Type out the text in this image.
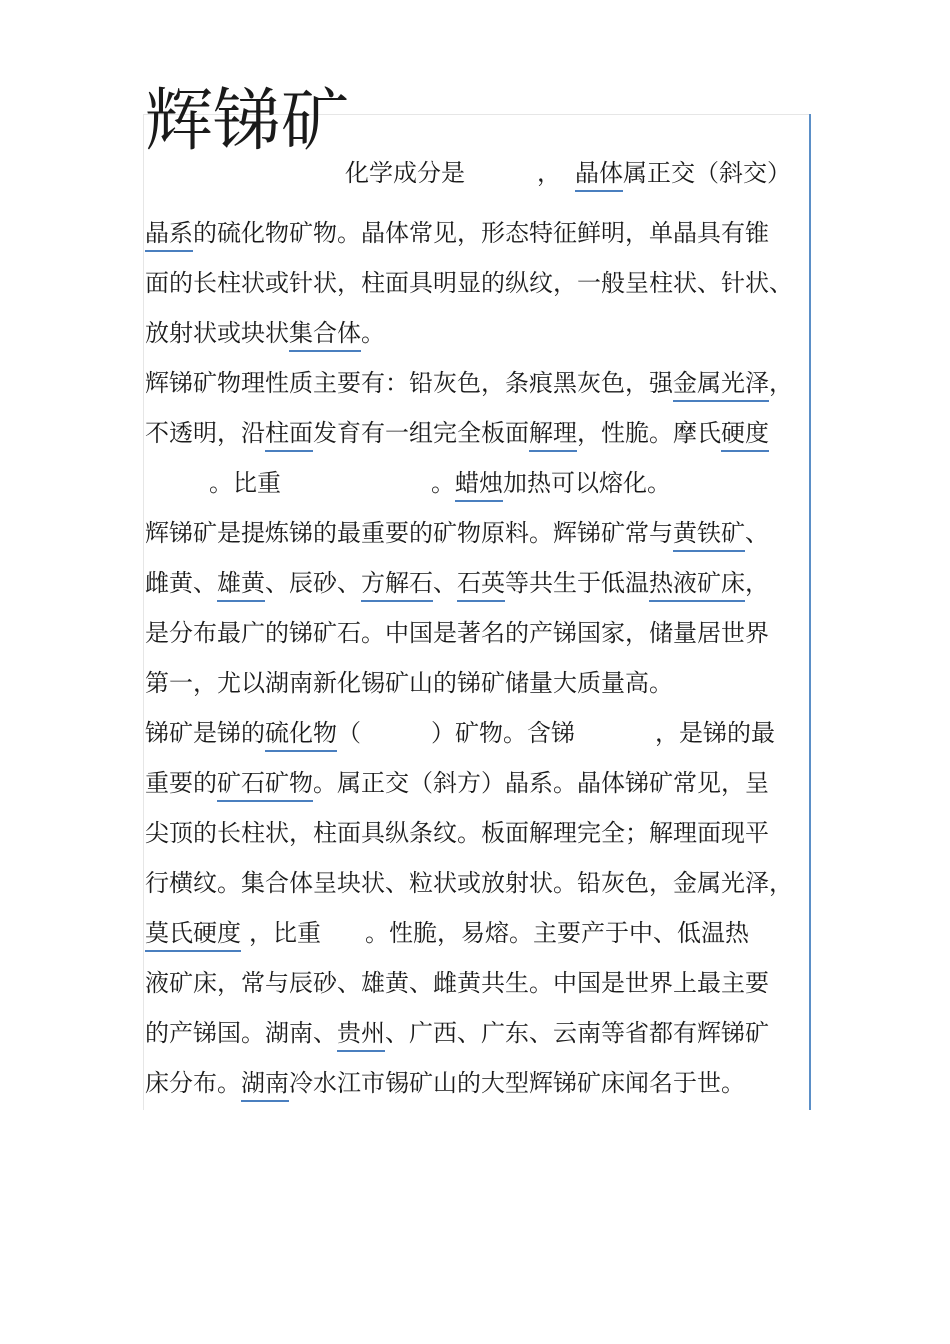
辉锑矿
化学成分是	， 晶体属正交（斜交）
晶系的硫化物矿物。晶体常见，形态特征鲜明，单晶具有锥
面的长柱状或针状，柱面具明显的纵纹，一般呈柱状、针状、
放射状或块状集合体。
辉锑矿物理性质主要有：铅灰色，条痕黑灰色，强金属光泽，
不透明，沿柱面发育有一组完全板面解理，性脆。摩氏硬度
。比重	。蜡烛加热可以熔化。
辉锑矿是提炼锑的最重要的矿物原料。辉锑矿常与黄铁矿、
雌黄、雄黄、辰砂、方解石、石英等共生于低温热液矿床，
是分布最广的锑矿石。中国是著名的产锑国家，储量居世界
第一，尤以湖南新化锡矿山的锑矿储量大质量高。
锑矿是锑的硫化物（	）矿物。含锑	，是锑的最
重要的矿石矿物。属正交（斜方）晶系。晶体锑矿常见，呈
尖顶的长柱状，柱面具纵条纹。板面解理完全；解理面现平
行横纹。集合体呈块状、粒状或放射状。铅灰色，金属光泽，
莫氏硬度 ，比重 。性脆，易熔。主要产于中、低温热
液矿床，常与辰砂、雄黄、雌黄共生。中国是世界上最主要
的产锑国。湖南、贵州、广西、广东、云南等省都有辉锑矿
床分布。湖南冷水江市锡矿山的大型辉锑矿床闻名于世。
